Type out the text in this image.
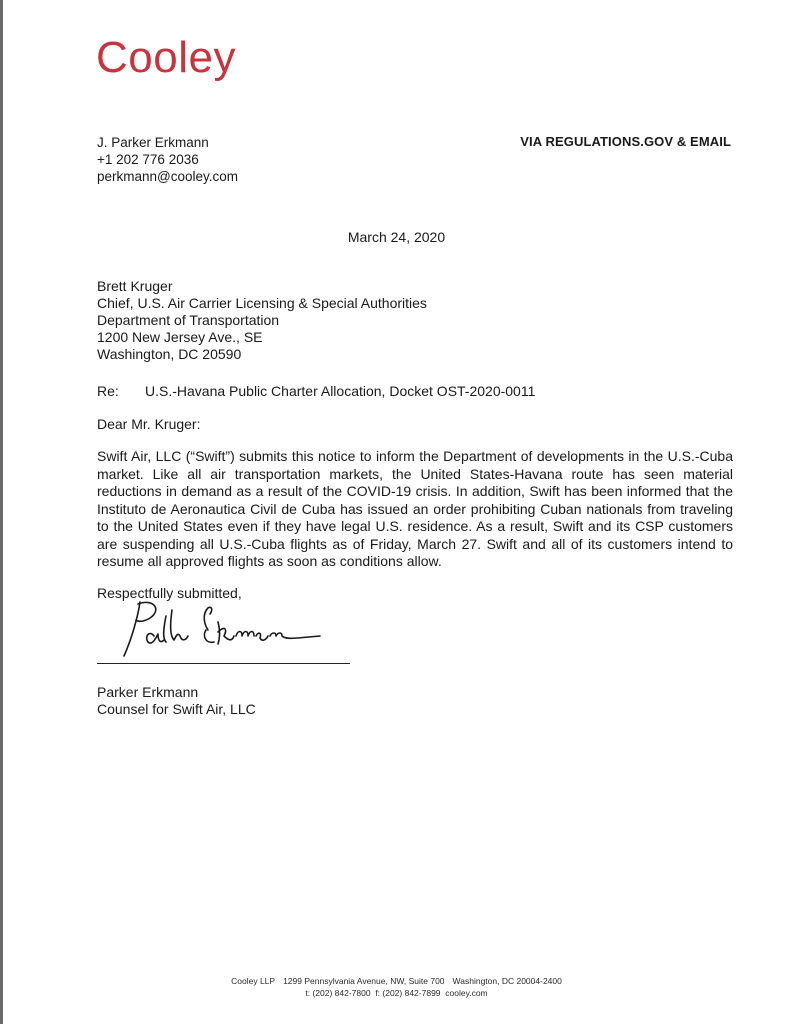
Cooley
J. Parker Erkmann
+1 202 776 2036
perkmann@cooley.com
VIA REGULATIONS.GOV & EMAIL
March 24, 2020
Brett Kruger
Chief, U.S. Air Carrier Licensing & Special Authorities
Department of Transportation
1200 New Jersey Ave., SE
Washington, DC 20590
Re: U.S.-Havana Public Charter Allocation, Docket OST-2020-0011
Dear Mr. Kruger:
Swift Air, LLC (“Swift”) submits this notice to inform the Department of developments in the U.S.-Cuba market. Like all air transportation markets, the United States-Havana route has seen material reductions in demand as a result of the COVID-19 crisis. In addition, Swift has been informed that the Instituto de Aeronautica Civil de Cuba has issued an order prohibiting Cuban nationals from traveling to the United States even if they have legal U.S. residence. As a result, Swift and its CSP customers are suspending all U.S.-Cuba flights as of Friday, March 27. Swift and all of its customers intend to resume all approved flights as soon as conditions allow.
Respectfully submitted,
Parker Erkmann
Counsel for Swift Air, LLC
Cooley LLP 1299 Pennsylvania Avenue, NW, Suite 700 Washington, DC 20004-2400
t: (202) 842-7800 f: (202) 842-7899 cooley.com
